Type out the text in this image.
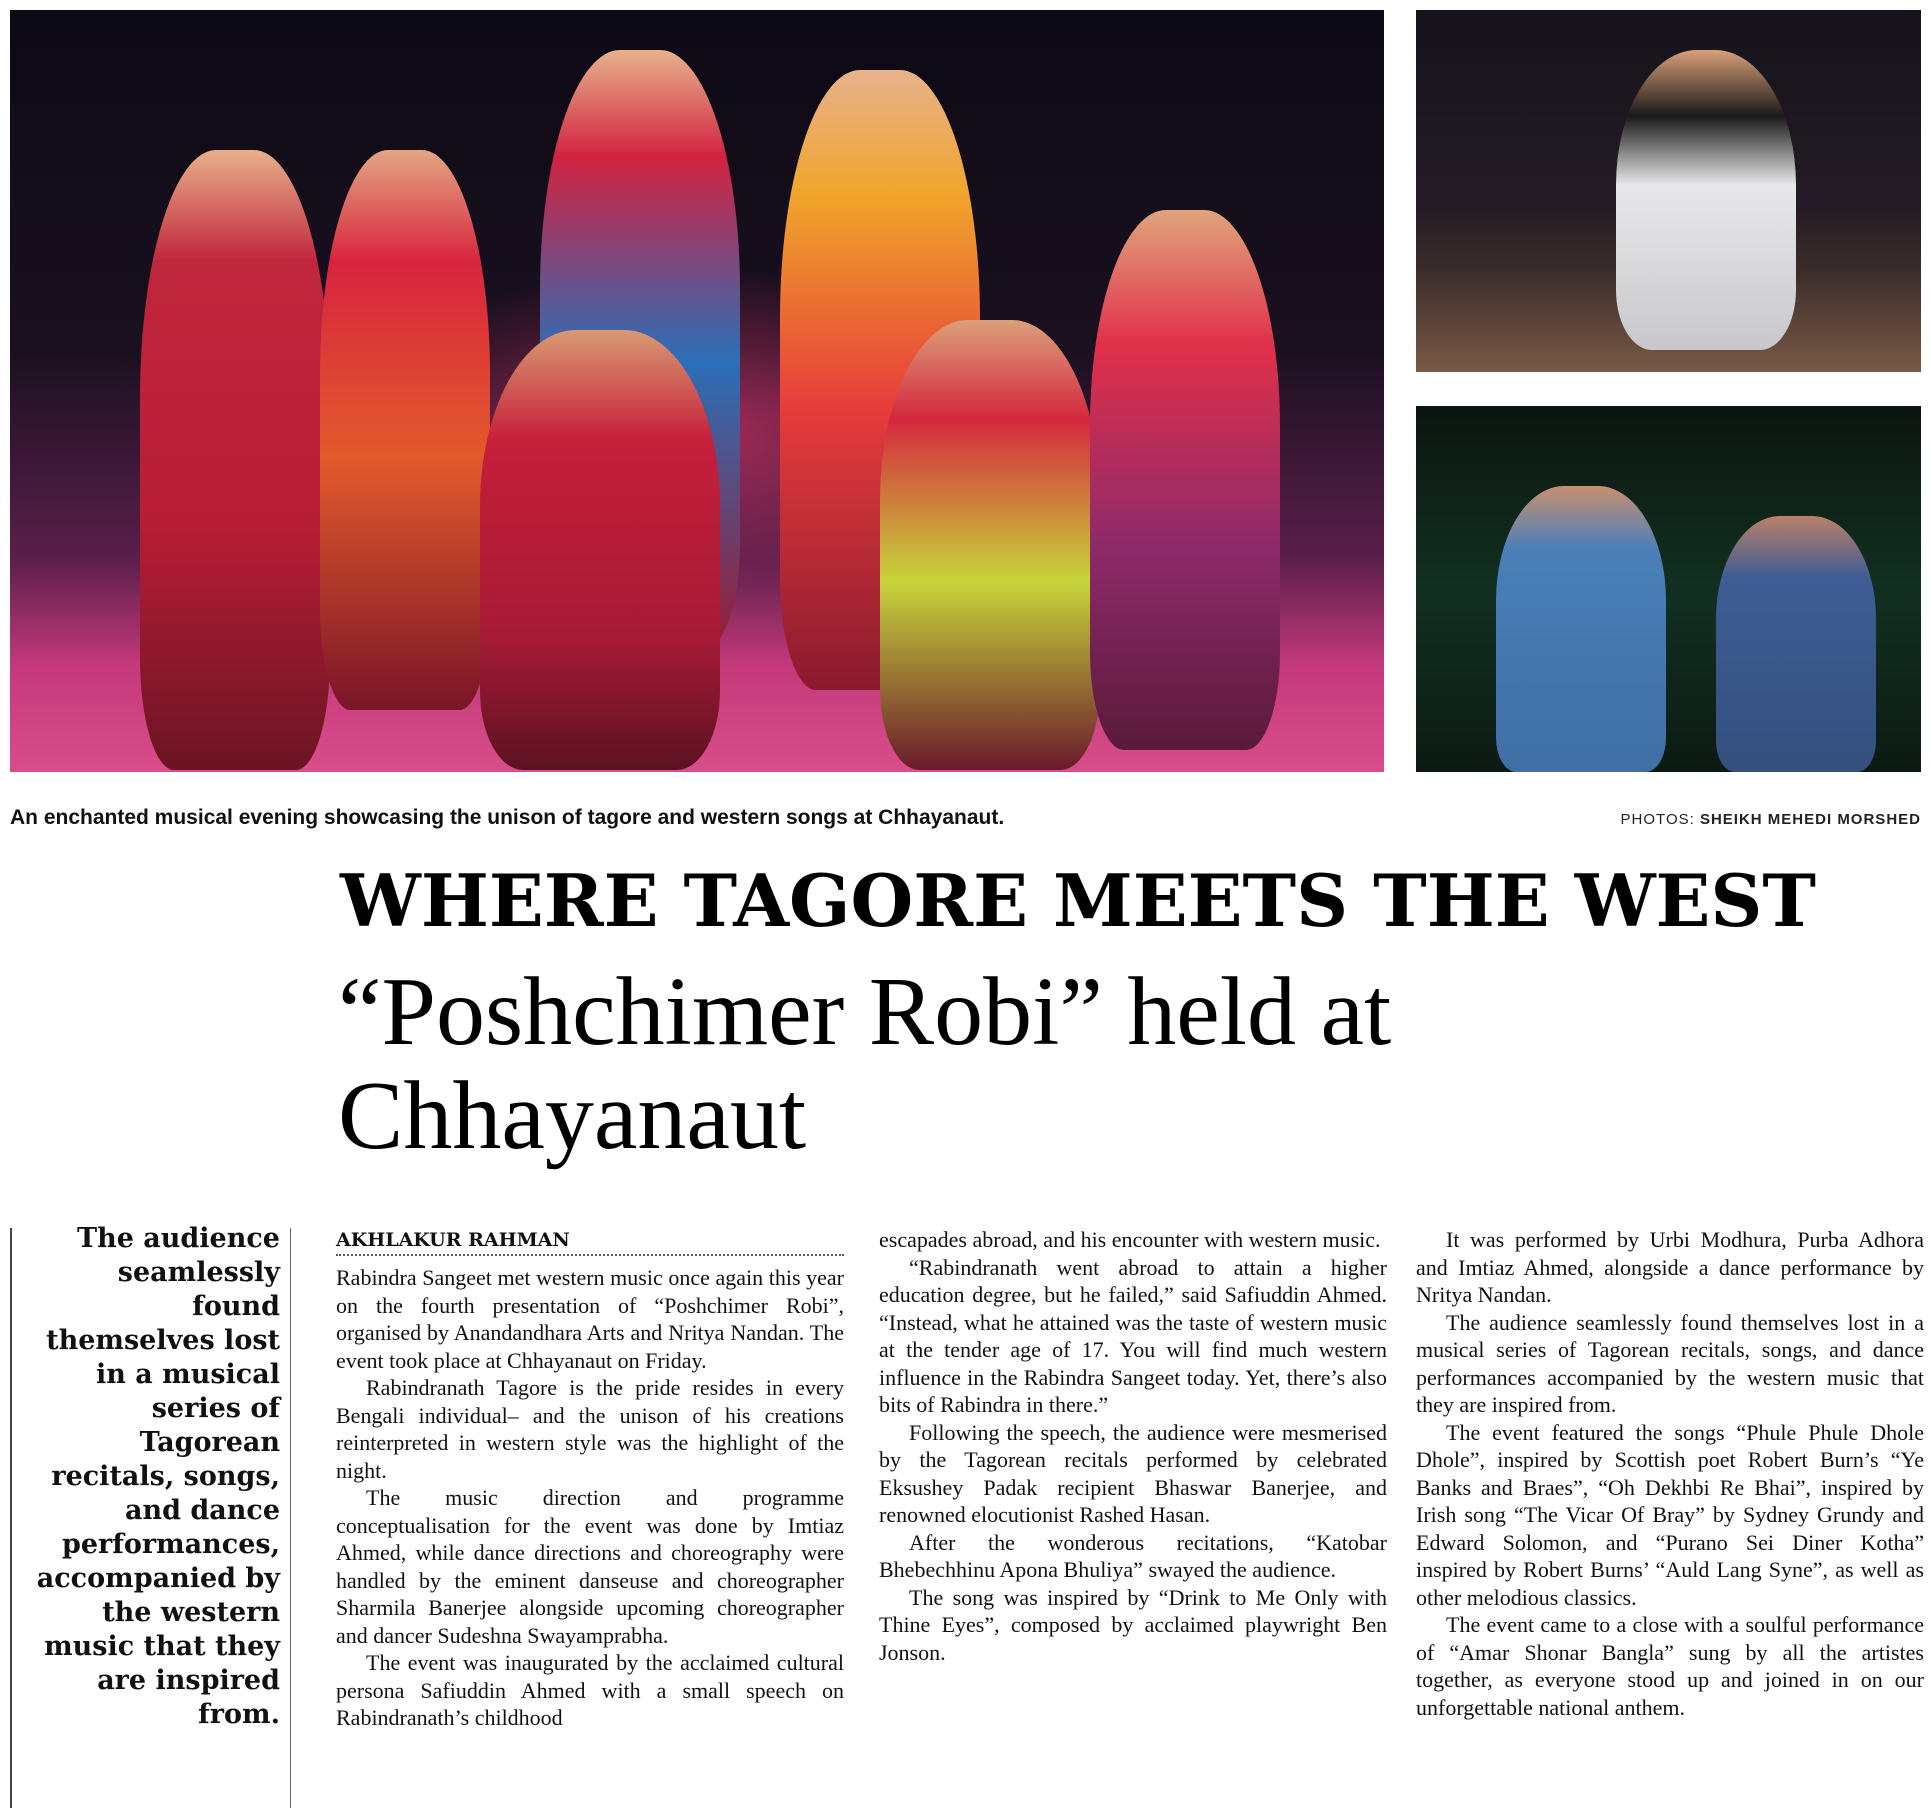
An enchanted musical evening showcasing the unison of tagore and western songs at Chhayanaut.	PHOTOS: SHEIKH MEHEDI MORSHED
WHERE TAGORE MEETS THE WEST
“Poshchimer Robi” held at Chhayanaut
The audience seamlessly found themselves lost in a musical series of Tagorean recitals, songs, and dance performances, accompanied by the western music that they are inspired from.
AKHLAKUR RAHMAN

Rabindra Sangeet met western music once again this year on the fourth presentation of “Poshchimer Robi”, organised by Anandandhara Arts and Nritya Nandan. The event took place at Chhayanaut on Friday.

Rabindranath Tagore is the pride resides in every Bengali individual– and the unison of his creations reinterpreted in western style was the highlight of the night.

The music direction and programme conceptualisation for the event was done by Imtiaz Ahmed, while dance directions and choreography were handled by the eminent danseuse and choreographer Sharmila Banerjee alongside upcoming choreographer and dancer Sudeshna Swayamprabha.

The event was inaugurated by the acclaimed cultural persona Safiuddin Ahmed with a small speech on Rabindranath’s childhood

escapades abroad, and his encounter with western music.

“Rabindranath went abroad to attain a higher education degree, but he failed,” said Safiuddin Ahmed. “Instead, what he attained was the taste of western music at the tender age of 17. You will find much western influence in the Rabindra Sangeet today. Yet, there’s also bits of Rabindra in there.”

Following the speech, the audience were mesmerised by the Tagorean recitals performed by celebrated Eksushey Padak recipient Bhaswar Banerjee, and renowned elocutionist Rashed Hasan.

After the wonderous recitations, “Katobar Bhebechhinu Apona Bhuliya” swayed the audience.

The song was inspired by “Drink to Me Only with Thine Eyes”, composed by acclaimed playwright Ben Jonson.

It was performed by Urbi Modhura, Purba Adhora and Imtiaz Ahmed, alongside a dance performance by Nritya Nandan.

The audience seamlessly found themselves lost in a musical series of Tagorean recitals, songs, and dance performances accompanied by the western music that they are inspired from.

The event featured the songs “Phule Phule Dhole Dhole”, inspired by Scottish poet Robert Burn’s “Ye Banks and Braes”, “Oh Dekhbi Re Bhai”, inspired by Irish song “The Vicar Of Bray” by Sydney Grundy and Edward Solomon, and “Purano Sei Diner Kotha” inspired by Robert Burns’ “Auld Lang Syne”, as well as other melodious classics.

The event came to a close with a soulful performance of “Amar Shonar Bangla” sung by all the artistes together, as everyone stood up and joined in on our unforgettable national anthem.
